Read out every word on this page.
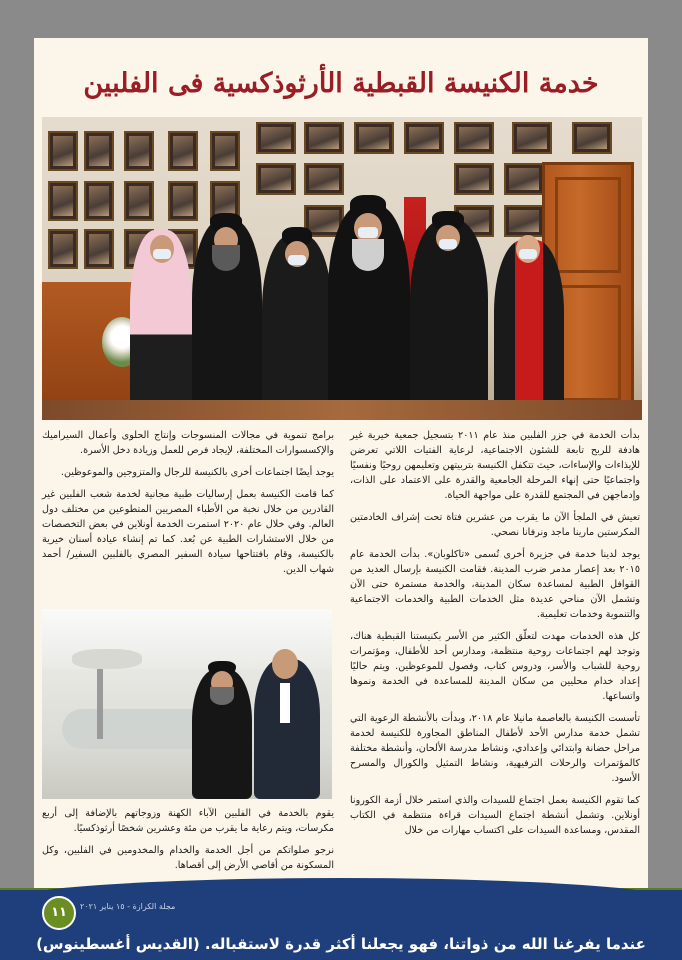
خدمة الكنيسة القبطية الأرثوذكسية فى الفلبين

بدأت الخدمة في جزر الفلبين منذ عام ٢٠١١ بتسجيل جمعية خيرية غير هادفة للربح تابعة للشئون الاجتماعية، لرعاية الفتيات اللاتي تعرضن للإيذاءات والإساءات، حيث تتكفل الكنيسة بتربيتهن وتعليمهن روحيًا ونفسيًا واجتماعيًا حتى إنهاء المرحلة الجامعية والقدرة على الاعتماد على الذات، وإدماجهن في المجتمع للقدرة على مواجهة الحياة.

تعيش في الملجأ الآن ما يقرب من عشرين فتاة تحت إشراف الخادمتين المكرستين مارينا ماجد ونرفانا نصحي.

يوجد لدينا خدمة في جزيرة أخرى تُسمى «تاكلوبان». بدأت الخدمة عام ٢٠١٥ بعد إعصار مدمر ضرب المدينة. فقامت الكنيسة بإرسال العديد من القوافل الطبية لمساعدة سكان المدينة، والخدمة مستمرة حتى الآن وتشمل الآن مناحي عديدة مثل الخدمات الطبية والخدمات الاجتماعية والتنموية وخدمات تعليمية.

كل هذه الخدمات مهدت لتعلّق الكثير من الأسر بكنيستنا القبطية هناك، وتوجد لهم اجتماعات روحية منتظمة، ومدارس أحد للأطفال، ومؤتمرات روحية للشباب والأسر، ودروس كتاب، وفصول للموعوظين. ويتم حاليًا إعداد خدام محليين من سكان المدينة للمساعدة في الخدمة ونموها واتساعها.

تأسست الكنيسة بالعاصمة مانيلا عام ٢٠١٨، وبدأت بالأنشطة الرعوية التي تشمل خدمة مدارس الأحد لأطفال المناطق المجاورة للكنيسة لخدمة مراحل حضانة وابتدائي وإعدادي، ونشاط مدرسة الألحان، وأنشطة مختلفة كالمؤتمرات والرحلات الترفيهية، ونشاط التمثيل والكورال والمسرح الأسود.

كما تقوم الكنيسة بعمل اجتماع للسيدات والذي استمر خلال أزمة الكورونا أونلاين. وتشمل أنشطة اجتماع السيدات قراءة منتظمة في الكتاب المقدس، ومساعدة السيدات على اكتساب مهارات من خلال

برامج تنموية في مجالات المنسوجات وإنتاج الحلوى وأعمال السيراميك والإكسسوارات المختلفة، لإيجاد فرص للعمل وزيادة دخل الأسرة.

يوجد أيضًا اجتماعات أخرى بالكنيسة للرجال والمتزوجين والموعوظين.

كما قامت الكنيسة بعمل إرساليات طبية مجانية لخدمة شعب الفلبين غير القادرين من خلال نخبة من الأطباء المصريين المتطوعين من مختلف دول العالم. وفي خلال عام ٢٠٢٠ استمرت الخدمة أونلاين في بعض التخصصات من خلال الاستشارات الطبية عن بُعد. كما تم إنشاء عيادة أسنان خيرية بالكنيسة، وقام بافتتاحها سيادة السفير المصري بالفلبين السفير/ أحمد شهاب الدين.

يقوم بالخدمة في الفلبين الآباء الكهنة وزوجاتهم بالإضافة إلى أربع مكرسات، ويتم رعاية ما يقرب من مئة وعشرين شخصًا أرثوذكسيًا.

نرجو صلواتكم من أجل الخدمة والخدام والمخدومين في الفلبين، وكل المسكونة من أقاصي الأرض إلى أقصاها.

١١	مجلة الكرازة - ١٥ يناير ٢٠٢١
عندما يفرغنا الله من ذواتنا، فهو يجعلنا أكثر قدرة لاستقباله. (القديس أغسطينوس)
